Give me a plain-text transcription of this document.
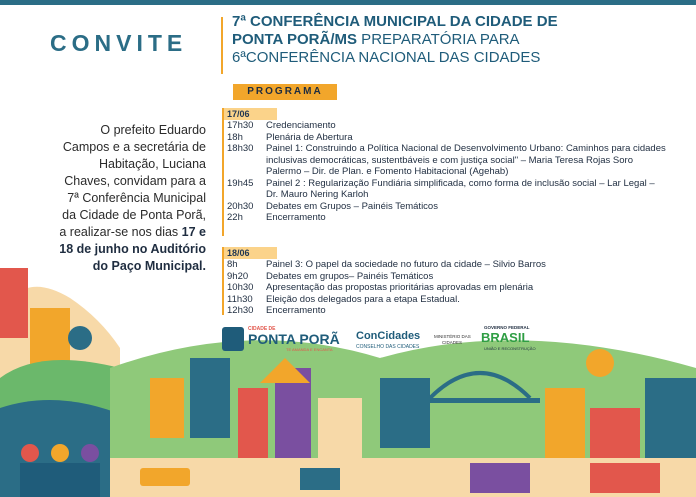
CONVITE
7ª CONFERÊNCIA MUNICIPAL DA CIDADE DE
PONTA PORÃ/MS PREPARATÓRIA PARA
6ªCONFERÊNCIA NACIONAL DAS CIDADES
O prefeito Eduardo Campos e a secretária de Habitação, Luciana Chaves, convidam para a 7ª Conferência Municipal da Cidade de Ponta Porã, a realizar-se nos dias 17 e 18 de junho no Auditório do Paço Municipal.
PROGRAMA
17/06
17h30	Credenciamento
18h	Plenária de Abertura
18h30	Painel 1: Construindo a Política Nacional de Desenvolvimento Urbano: Caminhos para cidades inclusivas democráticas, sustentbáveis e com justiça social" – Maria Teresa Rojas Soro Palermo – Dir. de Plan. e Fomento Habitacional (Agehab)
19h45	Painel 2 : Regularização Fundiária simplificada, como forma de inclusão social – Lar Legal – Dr. Mauro Nering Karloh
20h30	Debates em Grupos – Painéis Temáticos
22h	Encerramento
18/06
8h	Painel 3: O papel da sociedade no futuro da cidade – Silvio Barros
9h20	Debates em grupos– Painéis Temáticos
10h30	Apresentação das propostas prioritárias aprovadas em plenária
11h30	Eleição dos delegados para a etapa Estadual.
12h30	Encerramento
CIDADE DE
PONTA PORÃ
TE AMANDA E ENCANTA
ConCidades
CONSELHO DAS CIDADES
MINISTÉRIO DAS
CIDADES
GOVERNO FEDERAL
BRASIL
UNIÃO E RECONSTRUÇÃO
